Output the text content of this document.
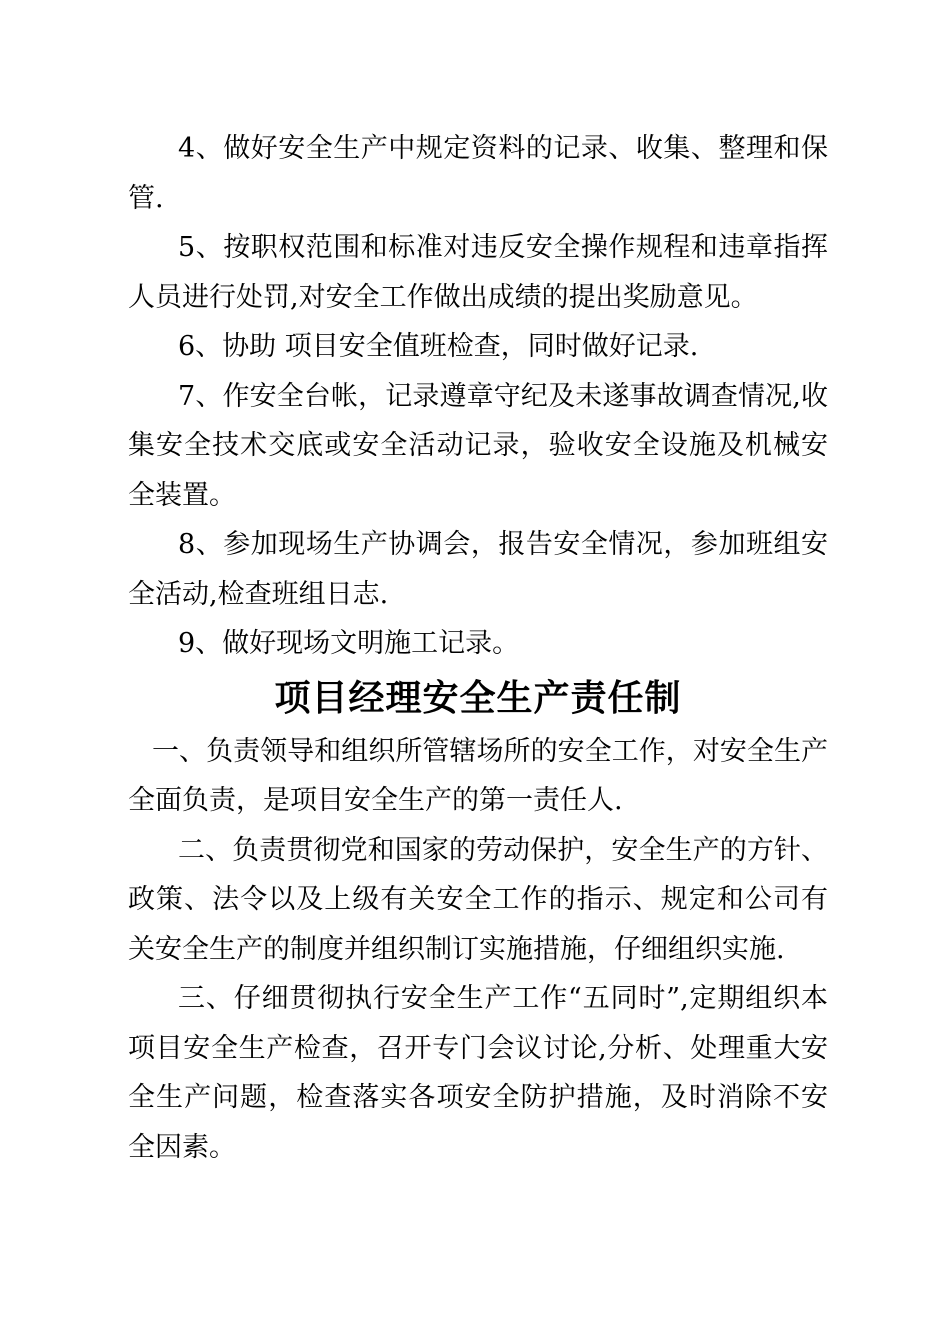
4、做好安全生产中规定资料的记录、收集、整理和保管.

5、按职权范围和标准对违反安全操作规程和违章指挥人员进行处罚,对安全工作做出成绩的提出奖励意见。

6、协助 项目安全值班检查，同时做好记录.

7、作安全台帐，记录遵章守纪及未遂事故调查情况,收集安全技术交底或安全活动记录，验收安全设施及机械安全装置。

8、参加现场生产协调会，报告安全情况，参加班组安全活动,检查班组日志.

9、做好现场文明施工记录。

项目经理安全生产责任制

一、负责领导和组织所管辖场所的安全工作，对安全生产全面负责，是项目安全生产的第一责任人.

二、负责贯彻党和国家的劳动保护，安全生产的方针、政策、法令以及上级有关安全工作的指示、规定和公司有关安全生产的制度并组织制订实施措施，仔细组织实施.

三、仔细贯彻执行安全生产工作“五同时”,定期组织本项目安全生产检查，召开专门会议讨论,分析、处理重大安全生产问题，检查落实各项安全防护措施，及时消除不安全因素。
